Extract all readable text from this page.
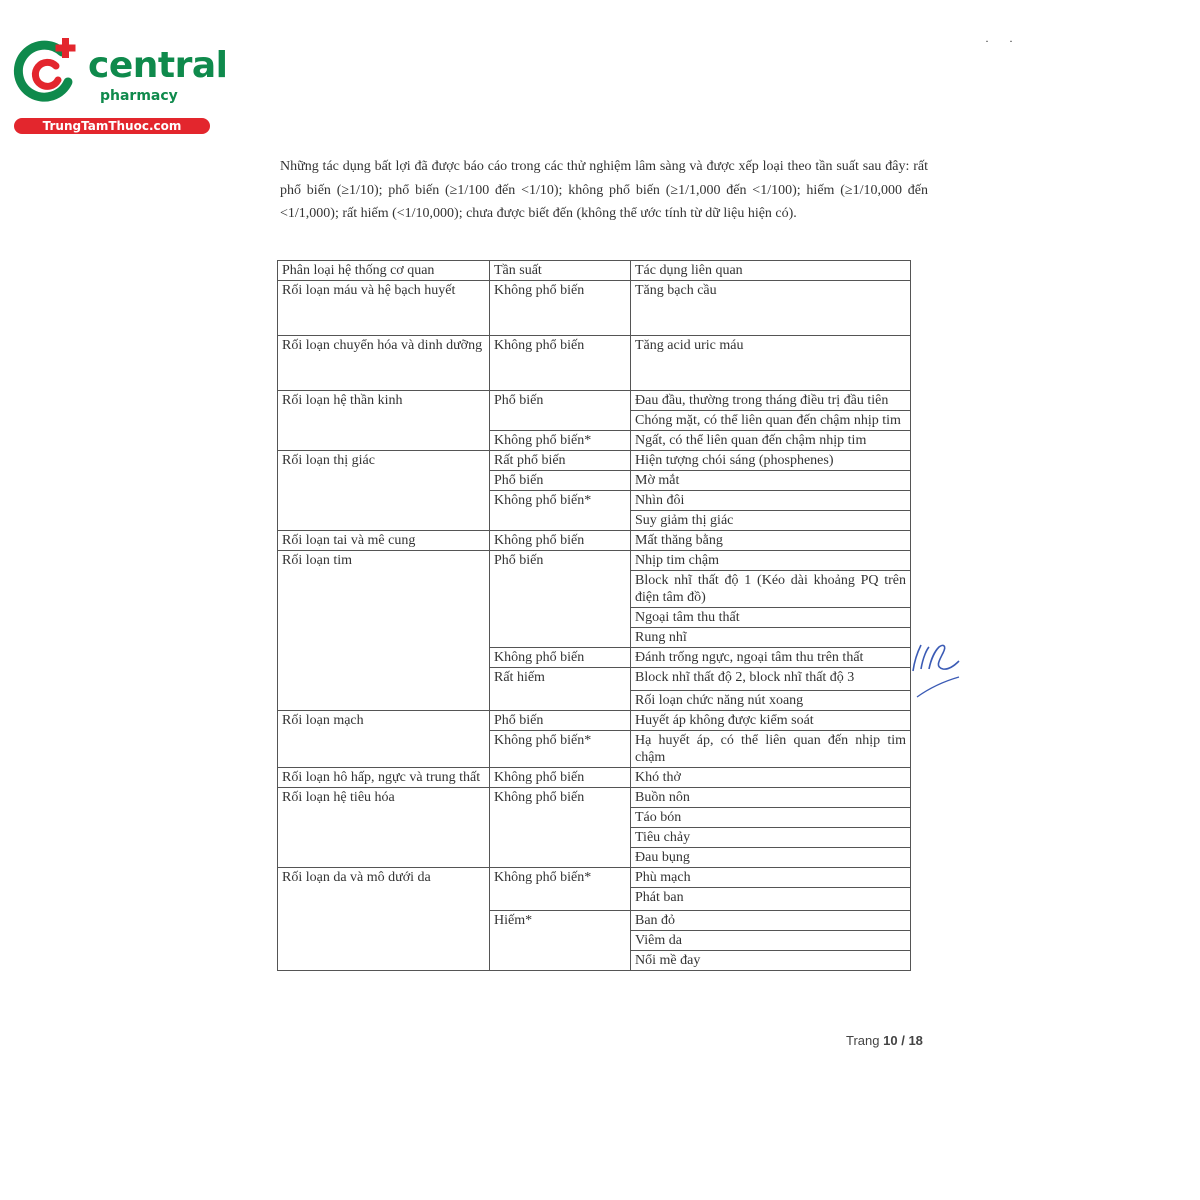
central
pharmacy
TrungTamThuoc.com
··

Những tác dụng bất lợi đã được báo cáo trong các thử nghiệm lâm sàng và được xếp loại theo tần suất sau đây: rất phổ biến (≥1/10); phổ biến (≥1/100 đến <1/10); không phổ biến (≥1/1,000 đến <1/100); hiếm (≥1/10,000 đến <1/1,000); rất hiếm (<1/10,000); chưa được biết đến (không thể ước tính từ dữ liệu hiện có).

Phân loại hệ thống cơ quan	Tần suất	Tác dụng liên quan
Rối loạn máu và hệ bạch huyết	Không phổ biến	Tăng bạch cầu
Rối loạn chuyển hóa và dinh dưỡng	Không phổ biến	Tăng acid uric máu
Rối loạn hệ thần kinh	Phổ biến	Đau đầu, thường trong tháng điều trị đầu tiên
		Chóng mặt, có thể liên quan đến chậm nhịp tim
	Không phổ biến*	Ngất, có thể liên quan đến chậm nhịp tim
Rối loạn thị giác	Rất phổ biến	Hiện tượng chói sáng (phosphenes)
	Phổ biến	Mờ mắt
	Không phổ biến*	Nhìn đôi
		Suy giảm thị giác
Rối loạn tai và mê cung	Không phổ biến	Mất thăng bằng
Rối loạn tim	Phổ biến	Nhịp tim chậm
		Block nhĩ thất độ 1 (Kéo dài khoảng PQ trên điện tâm đồ)
		Ngoại tâm thu thất
		Rung nhĩ
	Không phổ biến	Đánh trống ngực, ngoại tâm thu trên thất
	Rất hiếm	Block nhĩ thất độ 2, block nhĩ thất độ 3
		Rối loạn chức năng nút xoang
Rối loạn mạch	Phổ biến	Huyết áp không được kiểm soát
	Không phổ biến*	Hạ huyết áp, có thể liên quan đến nhịp tim chậm
Rối loạn hô hấp, ngực và trung thất	Không phổ biến	Khó thở
Rối loạn hệ tiêu hóa	Không phổ biến	Buồn nôn
		Táo bón
		Tiêu chảy
		Đau bụng
Rối loạn da và mô dưới da	Không phổ biến*	Phù mạch
		Phát ban
	Hiếm*	Ban đỏ
		Viêm da
		Nổi mề đay
Trang 10 / 18
